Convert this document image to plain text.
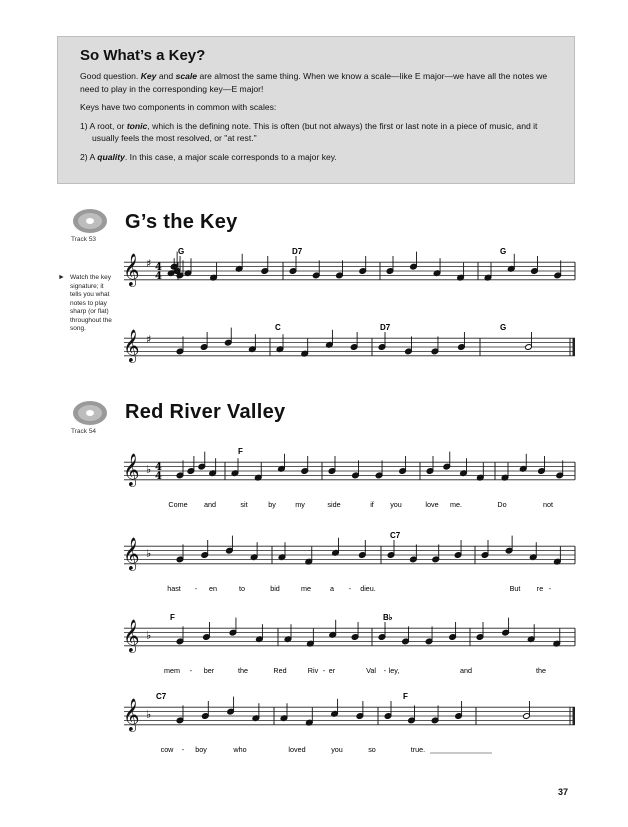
So What’s a Key?

Good question. Key and scale are almost the same thing. When we know a scale—like E major—we have all the notes we need to play in the corresponding key—E major!

Keys have two components in common with scales:

1) A root, or tonic, which is the defining note. This is often (but not always) the first or last note in a piece of music, and it usually feels the most resolved, or "at rest."
2) A quality. In this case, a major scale corresponds to a major key.
Track 53
G’s the Key
► Watch the key signature; it tells you what notes to play sharp (or flat) throughout the song.
Track 54
Red River Valley
𝄞 ♯ 4
4
G	D7	G
𝄞 ♯
C	D7	G
𝄞 ♭ 4
4
F
Come and	sit	by	my	side	if you	love me.	Do	not
𝄞 ♭
C7
hast - en	to	bid	me	a - dieu.	But re -
𝄞 ♭
F	B♭
mem - ber	the	Red	Riv - er	Val - ley,	and	the
𝄞 ♭
C7	F
cow - boy	who	loved	you	so	true.
37
